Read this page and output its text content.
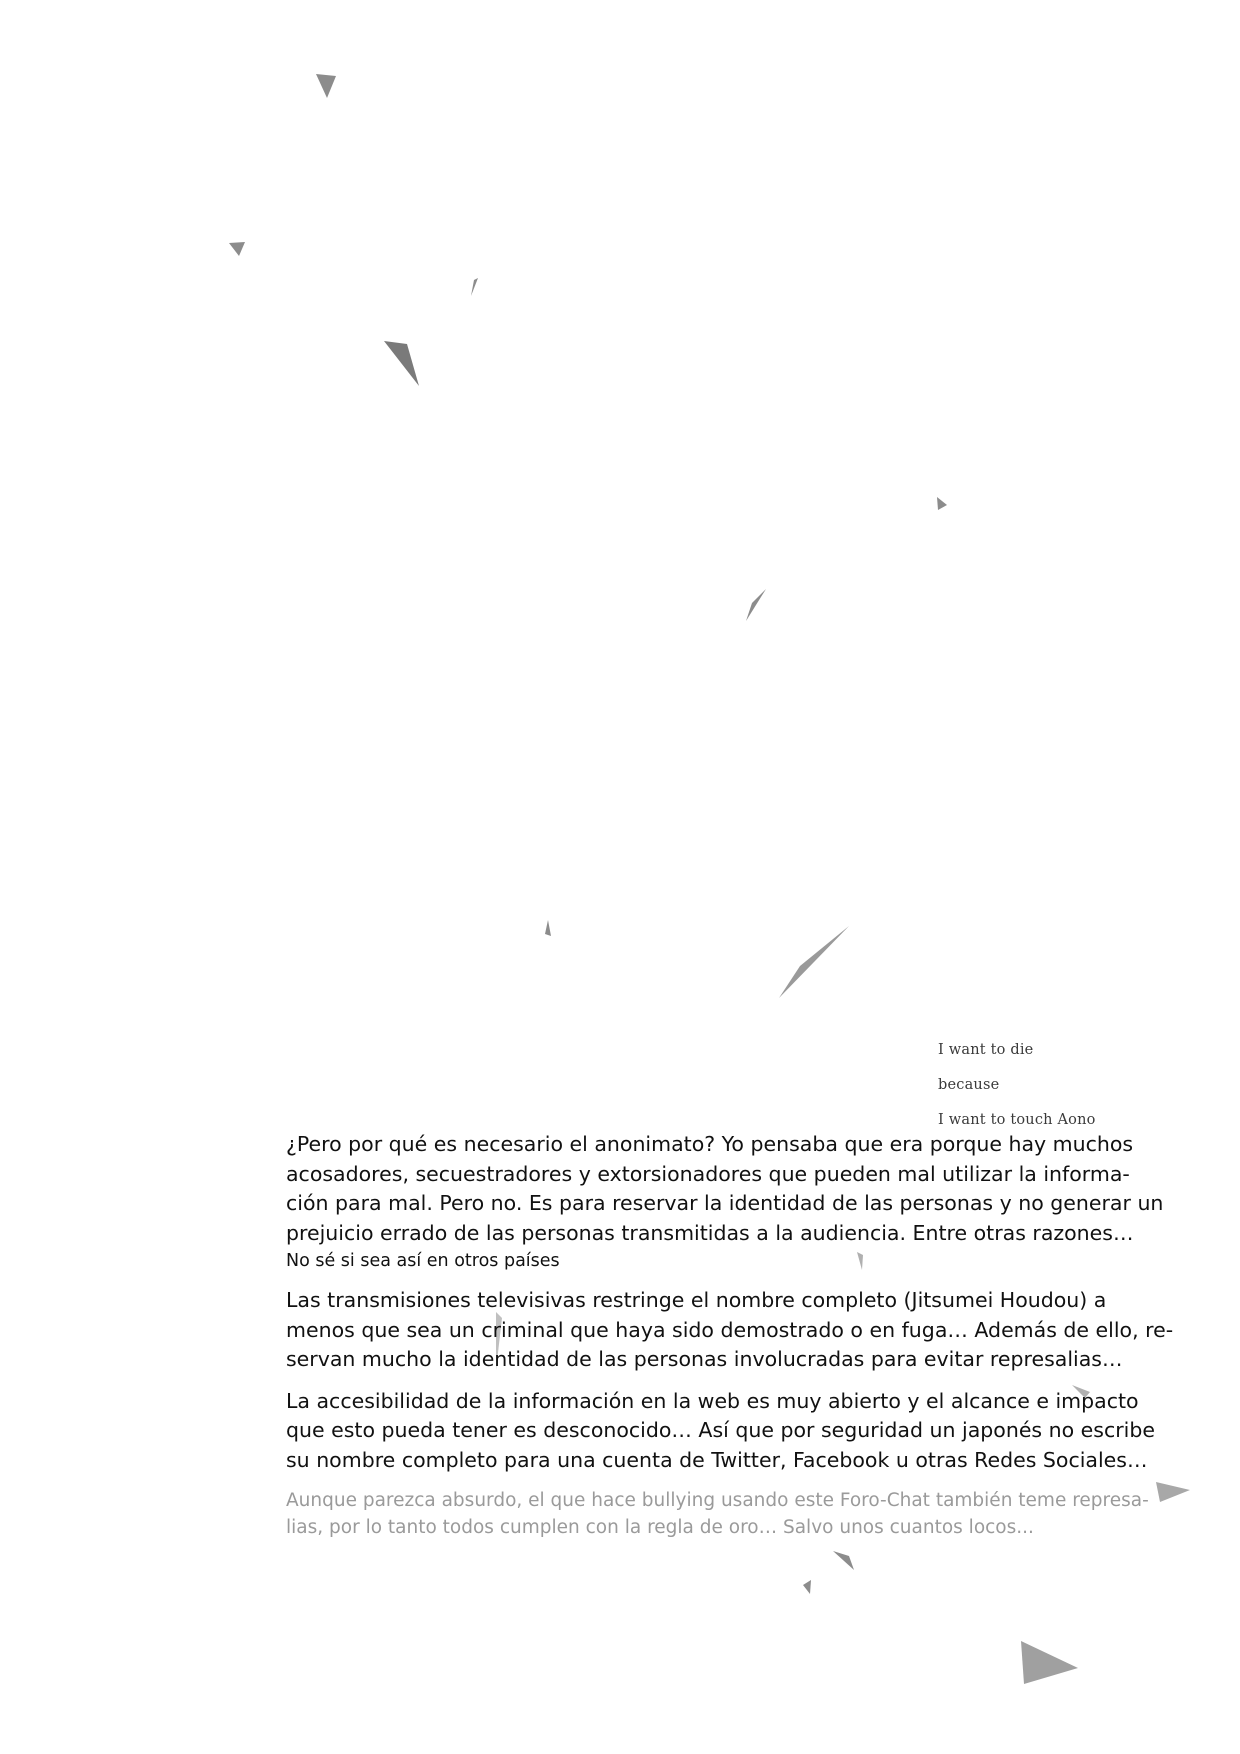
I want to die
because
I want to touch Aono

¿Pero por qué es necesario el anonimato? Yo pensaba que era porque hay muchos
acosadores, secuestradores y extorsionadores que pueden mal utilizar la informa-
ción para mal. Pero no. Es para reservar la identidad de las personas y no generar un
prejuicio errado de las personas transmitidas a la audiencia. Entre otras razones…

No sé si sea así en otros países

Las transmisiones televisivas restringe el nombre completo (Jitsumei Houdou) a
menos que sea un criminal que haya sido demostrado o en fuga… Además de ello, re-
servan mucho la identidad de las personas involucradas para evitar represalias…

La accesibilidad de la información en la web es muy abierto y el alcance e impacto
que esto pueda tener es desconocido… Así que por seguridad un japonés no escribe
su nombre completo para una cuenta de Twitter, Facebook u otras Redes Sociales…

Aunque parezca absurdo, el que hace bullying usando este Foro-Chat también teme represa-
lias, por lo tanto todos cumplen con la regla de oro… Salvo unos cuantos locos...
